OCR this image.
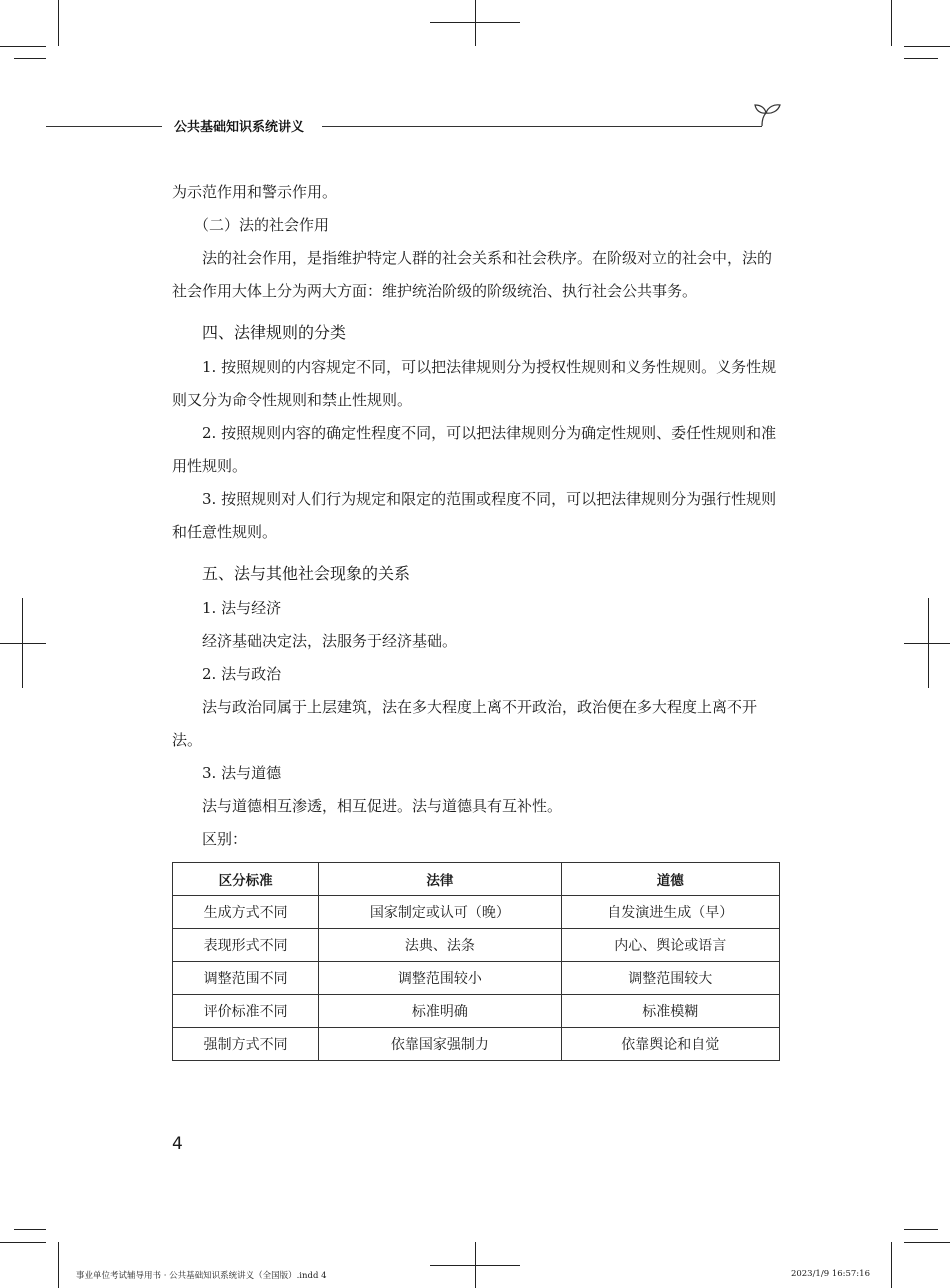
公共基础知识系统讲义

为示范作用和警示作用。

（二）法的社会作用

法的社会作用，是指维护特定人群的社会关系和社会秩序。在阶级对立的社会中，法的社会作用大体上分为两大方面：维护统治阶级的阶级统治、执行社会公共事务。

四、法律规则的分类

1. 按照规则的内容规定不同，可以把法律规则分为授权性规则和义务性规则。义务性规则又分为命令性规则和禁止性规则。

2. 按照规则内容的确定性程度不同，可以把法律规则分为确定性规则、委任性规则和准用性规则。

3. 按照规则对人们行为规定和限定的范围或程度不同，可以把法律规则分为强行性规则和任意性规则。

五、法与其他社会现象的关系

1. 法与经济

经济基础决定法，法服务于经济基础。

2. 法与政治

法与政治同属于上层建筑，法在多大程度上离不开政治，政治便在多大程度上离不开法。

3. 法与道德

法与道德相互渗透，相互促进。法与道德具有互补性。

区别：

区分标准	法律	道德
生成方式不同	国家制定或认可（晚）	自发演进生成（早）
表现形式不同	法典、法条	内心、舆论或语言
调整范围不同	调整范围较小	调整范围较大
评价标准不同	标准明确	标准模糊
强制方式不同	依靠国家强制力	依靠舆论和自觉
4
事业单位考试辅导用书 · 公共基础知识系统讲义（全国版）.indd 4	2023/1/9 16:57:16
